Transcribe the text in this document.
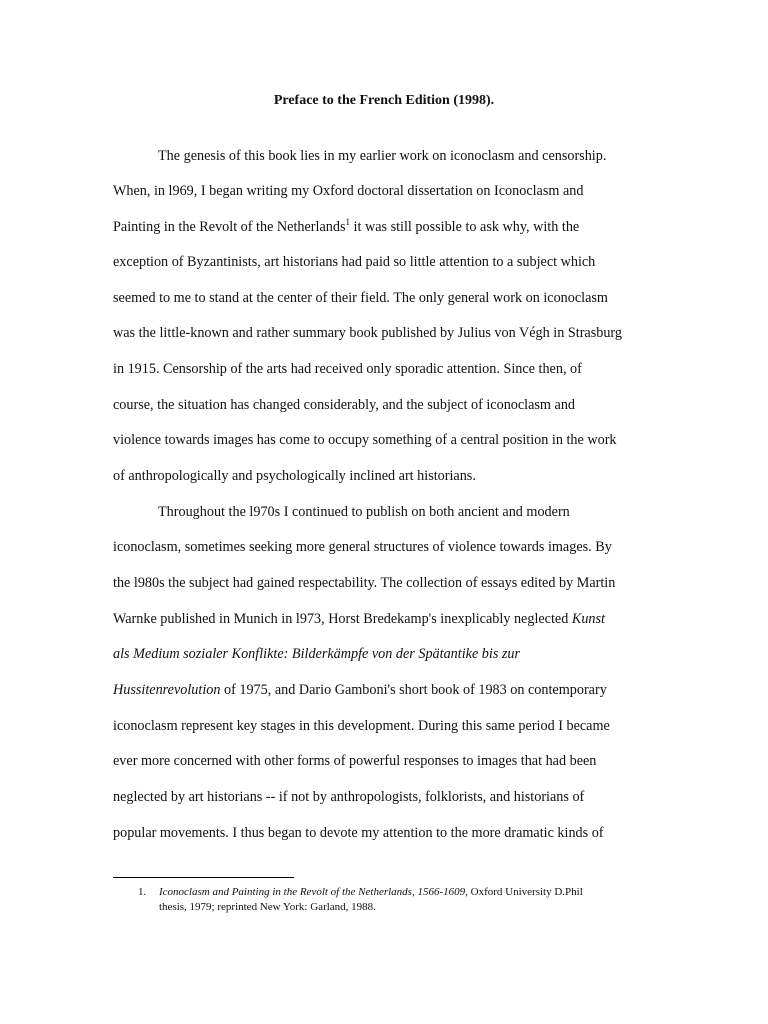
Preface to the French Edition (1998).
The genesis of this book lies in my earlier work on iconoclasm and censorship.
When, in l969, I began writing my Oxford doctoral dissertation on Iconoclasm and
Painting in the Revolt of the Netherlands$^1$ it was still possible to ask why, with the
exception of Byzantinists, art historians had paid so little attention to a subject which
seemed to me to stand at the center of their field. The only general work on iconoclasm
was the little-known and rather summary book published by Julius von Végh in Strasburg
in 1915. Censorship of the arts had received only sporadic attention. Since then, of
course, the situation has changed considerably, and the subject of iconoclasm and
violence towards images has come to occupy something of a central position in the work
of anthropologically and psychologically inclined art historians.
Throughout the l970s I continued to publish on both ancient and modern
iconoclasm, sometimes seeking more general structures of violence towards images. By
the l980s the subject had gained respectability. The collection of essays edited by Martin
Warnke published in Munich in l973, Horst Bredekamp's inexplicably neglected Kunst
als Medium sozialer Konflikte: Bilderkämpfe von der Spätantike bis zur
Hussitenrevolution of 1975, and Dario Gamboni's short book of 1983 on contemporary
iconoclasm represent key stages in this development. During this same period I became
ever more concerned with other forms of powerful responses to images that had been
neglected by art historians -- if not by anthropologists, folklorists, and historians of
popular movements. I thus began to devote my attention to the more dramatic kinds of
1. Iconoclasm and Painting in the Revolt of the Netherlands, 1566-1609, Oxford University D.Phil
thesis, 1979; reprinted New York: Garland, 1988.
